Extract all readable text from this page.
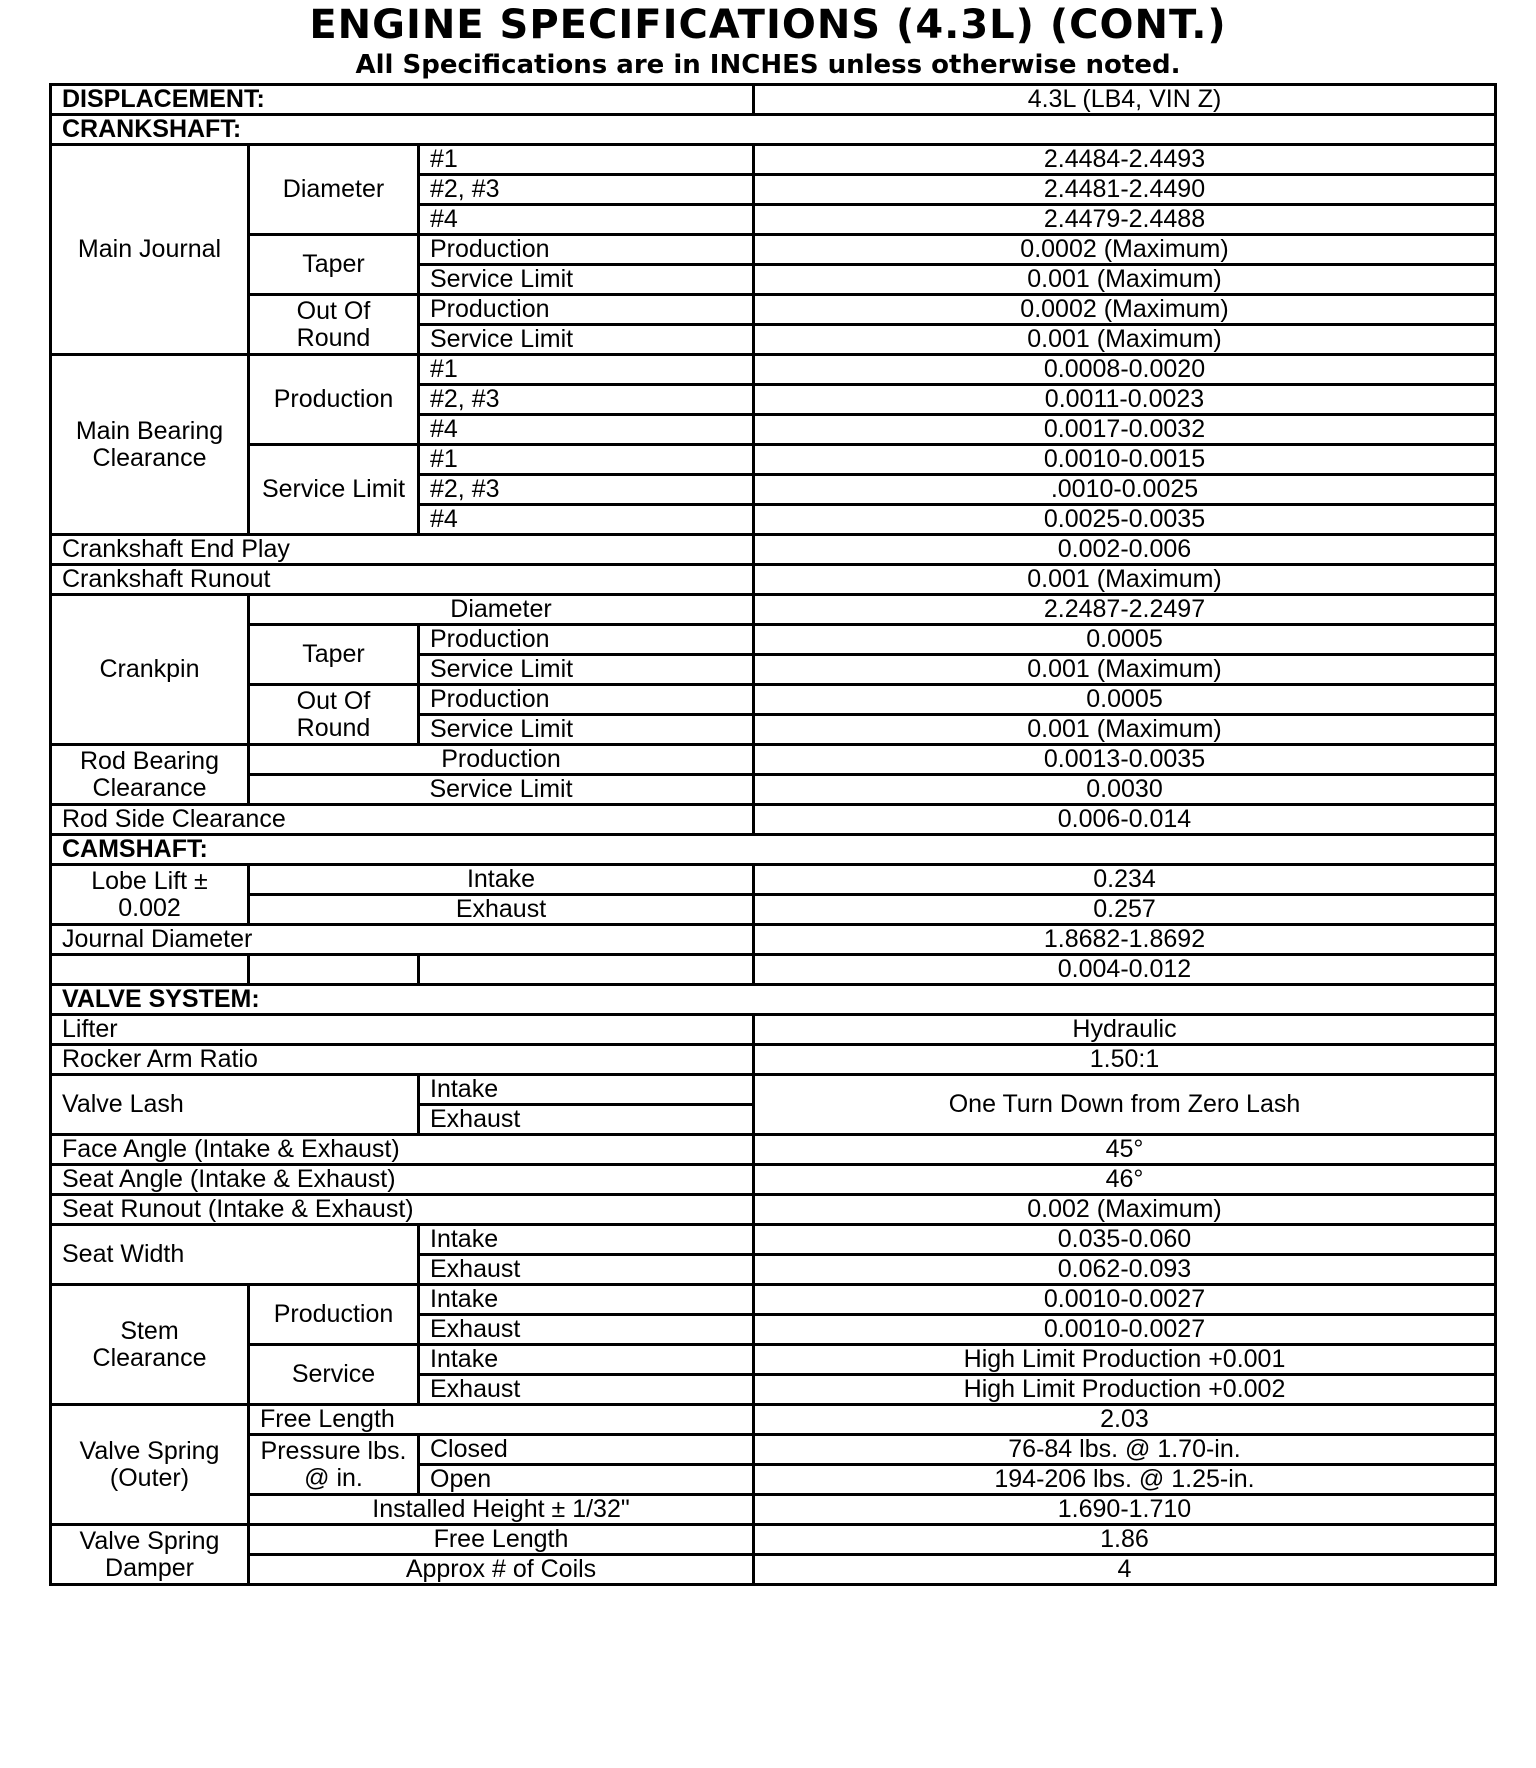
ENGINE SPECIFICATIONS (4.3L) (CONT.)
All Specifications are in INCHES unless otherwise noted.
DISPLACEMENT:			4.3L (LB4, VIN Z)
CRANKSHAFT:			
Main Journal	Diameter	#1	2.4484-2.4493
		#2, #3	2.4481-2.4490
		#4	2.4479-2.4488
	Taper	Production	0.0002 (Maximum)
		Service Limit	0.001 (Maximum)
	Out Of Round	Production	0.0002 (Maximum)
		Service Limit	0.001 (Maximum)
Main Bearing Clearance	Production	#1	0.0008-0.0020
		#2, #3	0.0011-0.0023
		#4	0.0017-0.0032
	Service Limit	#1	0.0010-0.0015
		#2, #3	.0010-0.0025
		#4	0.0025-0.0035
Crankshaft End Play			0.002-0.006
Crankshaft Runout			0.001 (Maximum)
Crankpin	Diameter		2.2487-2.2497
	Taper	Production	0.0005
		Service Limit	0.001 (Maximum)
	Out Of Round	Production	0.0005
		Service Limit	0.001 (Maximum)
Rod Bearing Clearance	Production		0.0013-0.0035
	Service Limit		0.0030
Rod Side Clearance			0.006-0.014
CAMSHAFT:			
Lobe Lift ± 0.002	Intake		0.234
	Exhaust		0.257
Journal Diameter			1.8682-1.8692
			0.004-0.012
VALVE SYSTEM:			
Lifter			Hydraulic
Rocker Arm Ratio			1.50:1
Valve Lash		Intake	One Turn Down from Zero Lash
		Exhaust	
Face Angle (Intake & Exhaust)			45°
Seat Angle (Intake & Exhaust)			46°
Seat Runout (Intake & Exhaust)			0.002 (Maximum)
Seat Width		Intake	0.035-0.060
		Exhaust	0.062-0.093
Stem Clearance	Production	Intake	0.0010-0.0027
		Exhaust	0.0010-0.0027
	Service	Intake	High Limit Production +0.001
		Exhaust	High Limit Production +0.002
Valve Spring (Outer)	Free Length		2.03
	Pressure lbs. @ in.	Closed	76-84 lbs. @ 1.70-in.
		Open	194-206 lbs. @ 1.25-in.
	Installed Height ± 1/32"		1.690-1.710
Valve Spring Damper	Free Length		1.86
	Approx # of Coils		4
